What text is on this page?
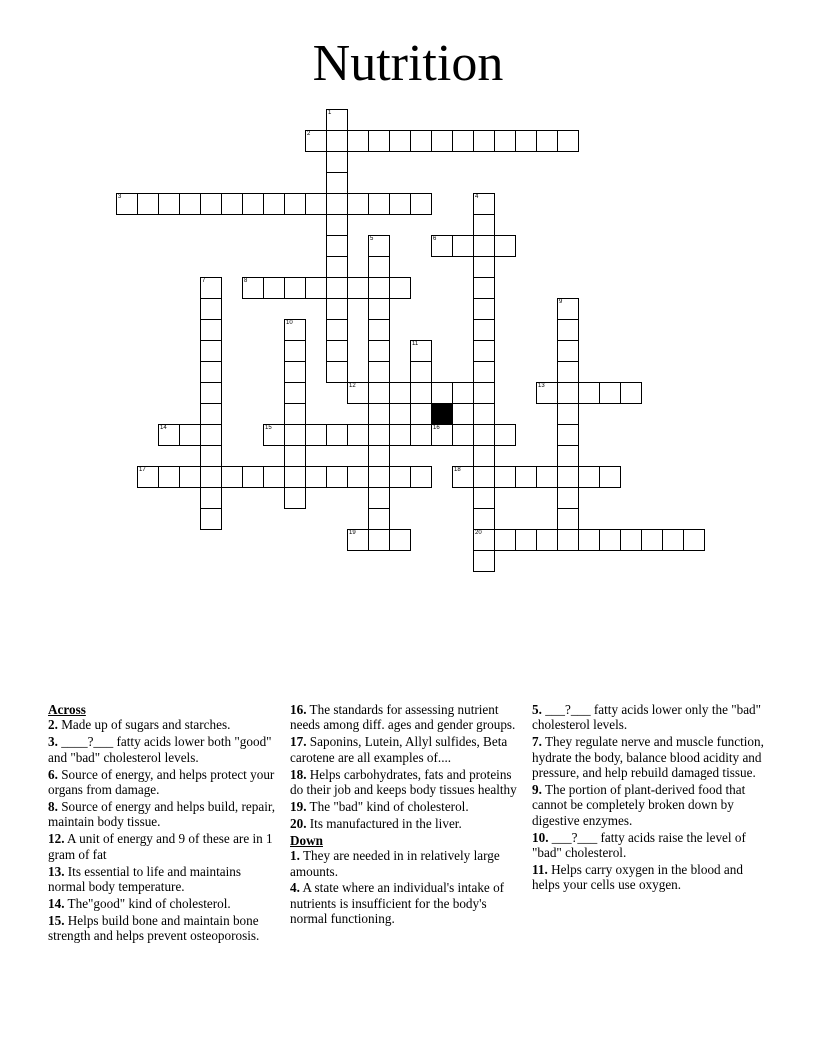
Nutrition
1
2
3	4
20
5	6
7	8
9
10
11
12	13
14	15	16
17	18
19
Across
2. Made up of sugars and starches.
3. ____?___ fatty acids lower both "good" and "bad" cholesterol levels.
6. Source of energy, and helps protect your organs from damage.
8. Source of energy and helps build, repair, maintain body tissue.
12. A unit of energy and 9 of these are in 1 gram of fat
13. Its essential to life and maintains normal body temperature.
14. The"good" kind of cholesterol.
15. Helps build bone and maintain bone strength and helps prevent osteoporosis.
16. The standards for assessing nutrient needs among diff. ages and gender groups.
17. Saponins, Lutein, Allyl sulfides, Beta carotene are all examples of....
18. Helps carbohydrates, fats and proteins do their job and keeps body tissues healthy
19. The "bad" kind of cholesterol.
20. Its manufactured in the liver.
Down
1. They are needed in in relatively large amounts.
4. A state where an individual's intake of nutrients is insufficient for the body's normal functioning.
5. ___?___ fatty acids lower only the "bad" cholesterol levels.
7. They regulate nerve and muscle function, hydrate the body, balance blood acidity and pressure, and help rebuild damaged tissue.
9. The portion of plant-derived food that cannot be completely broken down by digestive enzymes.
10. ___?___ fatty acids raise the level of "bad" cholesterol.
11. Helps carry oxygen in the blood and helps your cells use oxygen.
